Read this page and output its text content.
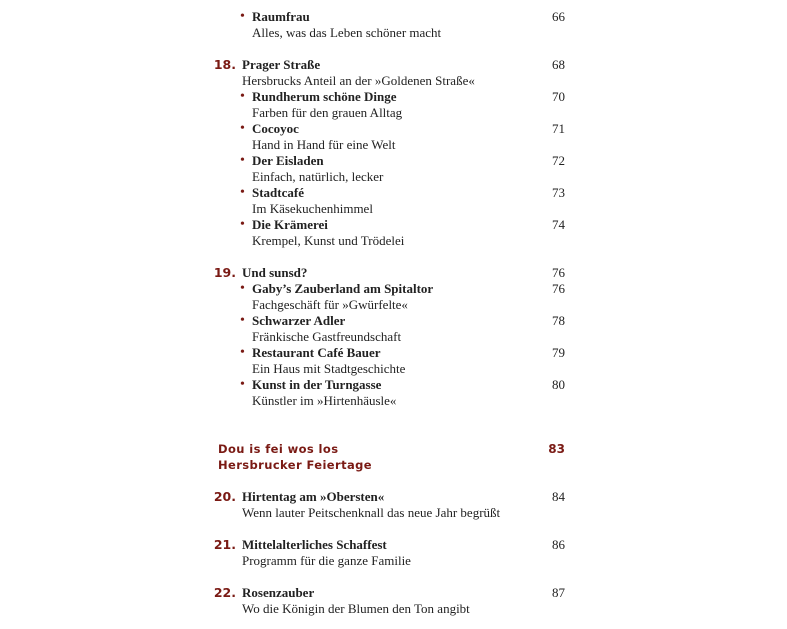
• Raumfrau	66
Alles, was das Leben schöner macht
18. Prager Straße	68
Hersbrucks Anteil an der »Goldenen Straße«
• Rundherum schöne Dinge	70
Farben für den grauen Alltag
• Cocoyoc	71
Hand in Hand für eine Welt
• Der Eisladen	72
Einfach, natürlich, lecker
• Stadtcafé	73
Im Käsekuchenhimmel
• Die Krämerei	74
Krempel, Kunst und Trödelei
19. Und sunsd?	76
• Gaby’s Zauberland am Spitaltor	76
Fachgeschäft für »Gwürfelte«
• Schwarzer Adler	78
Fränkische Gastfreundschaft
• Restaurant Café Bauer	79
Ein Haus mit Stadtgeschichte
• Kunst in der Turngasse	80
Künstler im »Hirtenhäusle«
Dou is fei wos los	83
Hersbrucker Feiertage
20. Hirtentag am »Obersten«	84
Wenn lauter Peitschenknall das neue Jahr begrüßt
21. Mittelalterliches Schaffest	86
Programm für die ganze Familie
22. Rosenzauber	87
Wo die Königin der Blumen den Ton angibt
